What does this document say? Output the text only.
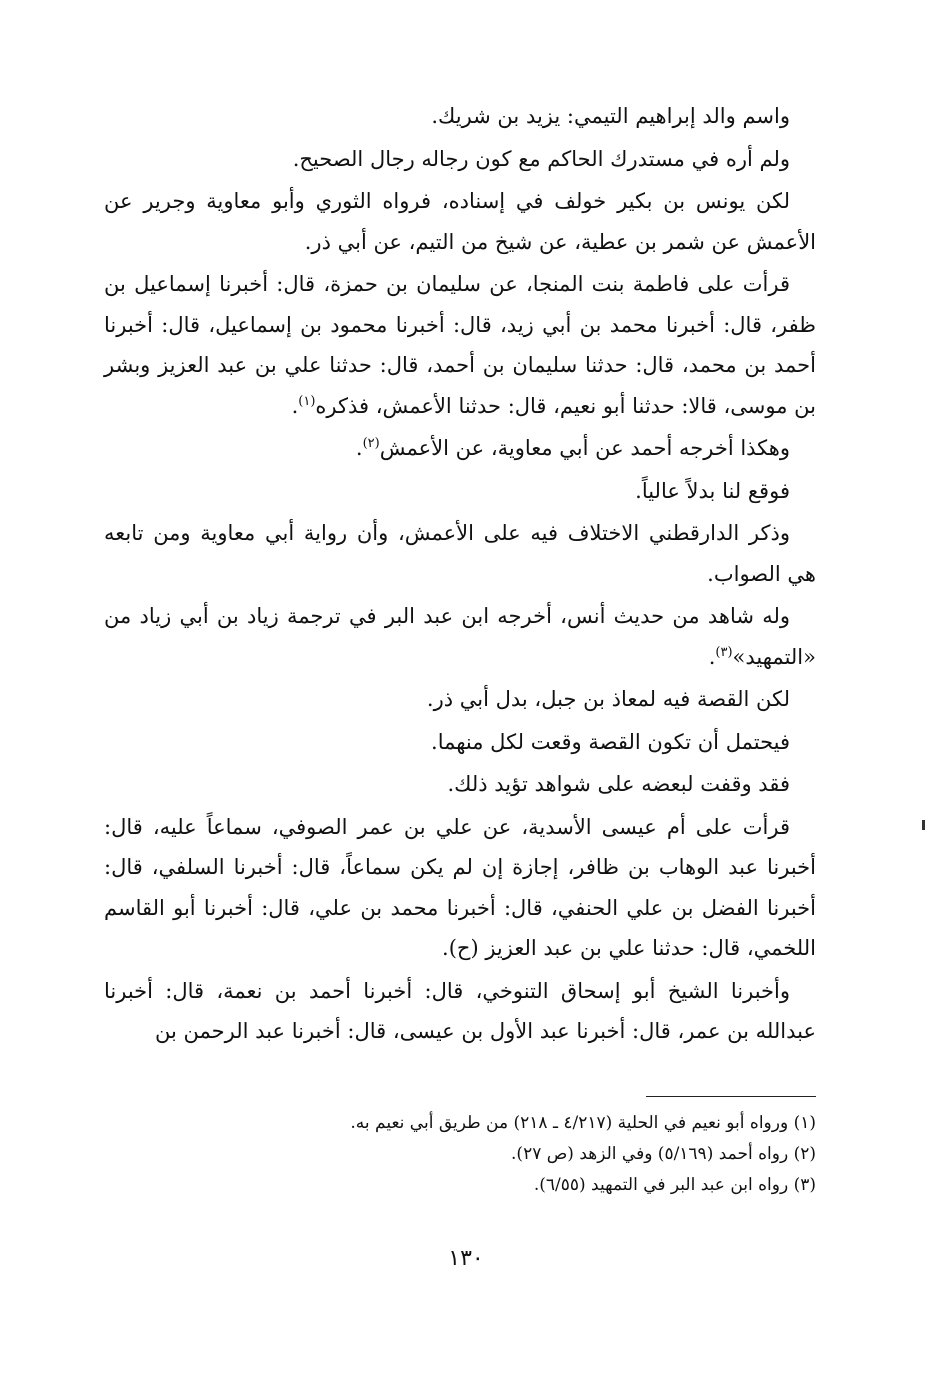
واسم والد إبراهيم التيمي: يزيد بن شريك.

ولم أره في مستدرك الحاكم مع كون رجاله رجال الصحيح.

لكن يونس بن بكير خولف في إسناده، فرواه الثوري وأبو معاوية وجرير عن الأعمش عن شمر بن عطية، عن شيخ من التيم، عن أبي ذر.

قرأت على فاطمة بنت المنجا، عن سليمان بن حمزة، قال: أخبرنا إسماعيل بن ظفر، قال: أخبرنا محمد بن أبي زيد، قال: أخبرنا محمود بن إسماعيل، قال: أخبرنا أحمد بن محمد، قال: حدثنا سليمان بن أحمد، قال: حدثنا علي بن عبد العزيز وبشر بن موسى، قالا: حدثنا أبو نعيم، قال: حدثنا الأعمش، فذكره$^{(١)}$.

وهكذا أخرجه أحمد عن أبي معاوية، عن الأعمش$^{(٢)}$.

فوقع لنا بدلاً عالياً.

وذكر الدارقطني الاختلاف فيه على الأعمش، وأن رواية أبي معاوية ومن تابعه هي الصواب.

وله شاهد من حديث أنس، أخرجه ابن عبد البر في ترجمة زياد بن أبي زياد من «التمهيد»$^{(٣)}$.

لكن القصة فيه لمعاذ بن جبل، بدل أبي ذر.

فيحتمل أن تكون القصة وقعت لكل منهما.

فقد وقفت لبعضه على شواهد تؤيد ذلك.

قرأت على أم عيسى الأسدية، عن علي بن عمر الصوفي، سماعاً عليه، قال: أخبرنا عبد الوهاب بن ظافر، إجازة إن لم يكن سماعاً، قال: أخبرنا السلفي، قال: أخبرنا الفضل بن علي الحنفي، قال: أخبرنا محمد بن علي، قال: أخبرنا أبو القاسم اللخمي، قال: حدثنا علي بن عبد العزيز (ح).

وأخبرنا الشيخ أبو إسحاق التنوخي، قال: أخبرنا أحمد بن نعمة، قال: أخبرنا عبدالله بن عمر، قال: أخبرنا عبد الأول بن عيسى، قال: أخبرنا عبد الرحمن بن

(١) ورواه أبو نعيم في الحلية (٤/٢١٧ ـ ٢١٨) من طريق أبي نعيم به.

(٢) رواه أحمد (٥/١٦٩) وفي الزهد (ص ٢٧).

(٣) رواه ابن عبد البر في التمهيد (٦/٥٥).

١٣٠
